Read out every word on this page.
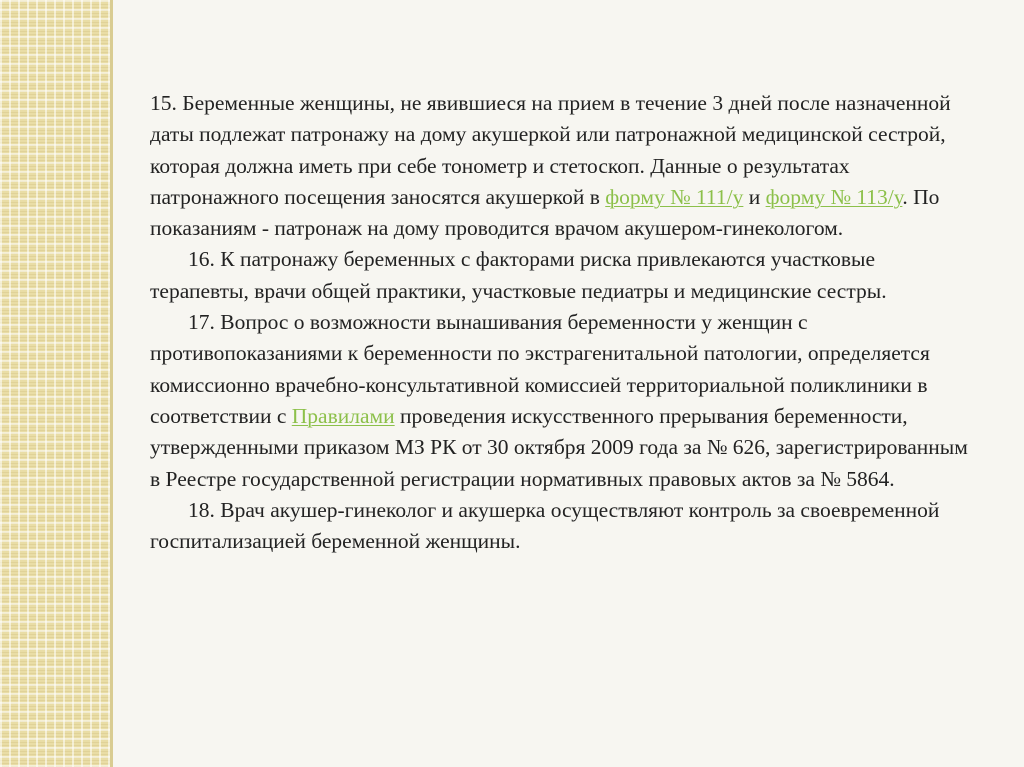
15. Беременные женщины, не явившиеся на прием в течение 3 дней после назначенной даты подлежат патронажу на дому акушеркой или патронажной медицинской сестрой, которая должна иметь при себе тонометр и стетоскоп. Данные о результатах патронажного посещения заносятся акушеркой в форму № 111/у и форму № 113/у. По показаниям - патронаж на дому проводится врачом акушером-гинекологом.

16. К патронажу беременных с факторами риска привлекаются участковые терапевты, врачи общей практики, участковые педиатры и медицинские сестры.

17. Вопрос о возможности вынашивания беременности у женщин с противопоказаниями к беременности по экстрагенитальной патологии, определяется комиссионно врачебно-консультативной комиссией территориальной поликлиники в соответствии с Правилами проведения искусственного прерывания беременности, утвержденными приказом МЗ РК от 30 октября 2009 года за № 626, зарегистрированным в Реестре государственной регистрации нормативных правовых актов за № 5864.

18. Врач акушер-гинеколог и акушерка осуществляют контроль за своевременной госпитализацией беременной женщины.
